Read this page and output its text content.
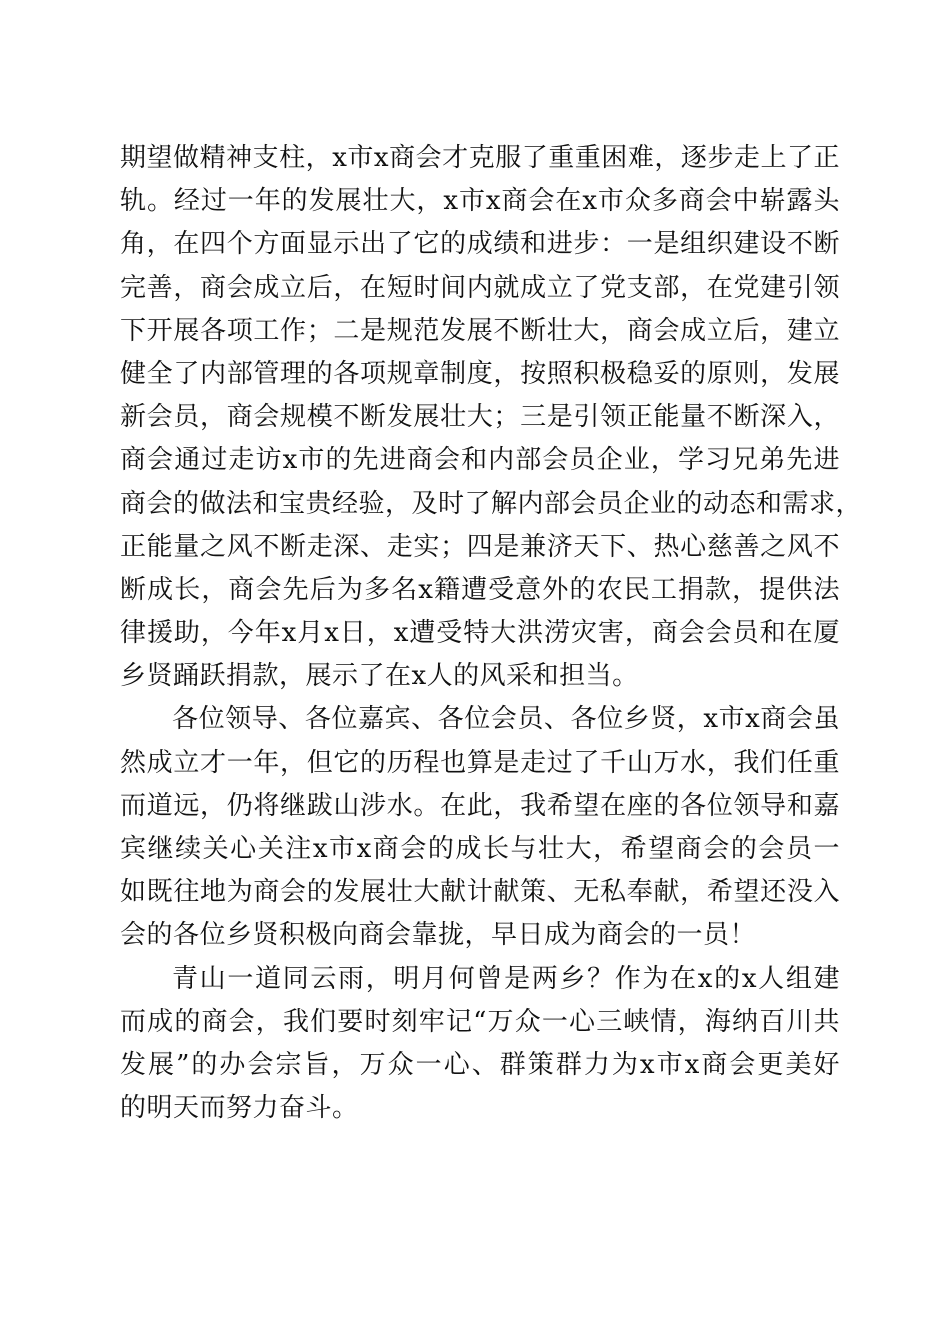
期望做精神支柱，x市x商会才克服了重重困难，逐步走上了正
轨。经过一年的发展壮大，x市x商会在x市众多商会中崭露头
角，在四个方面显示出了它的成绩和进步：一是组织建设不断
完善，商会成立后，在短时间内就成立了党支部，在党建引领
下开展各项工作；二是规范发展不断壮大，商会成立后，建立
健全了内部管理的各项规章制度，按照积极稳妥的原则，发展
新会员，商会规模不断发展壮大；三是引领正能量不断深入，
商会通过走访x市的先进商会和内部会员企业，学习兄弟先进
商会的做法和宝贵经验，及时了解内部会员企业的动态和需求，
正能量之风不断走深、走实；四是兼济天下、热心慈善之风不
断成长，商会先后为多名x籍遭受意外的农民工捐款，提供法
律援助，今年x月x日，x遭受特大洪涝灾害，商会会员和在厦
乡贤踊跃捐款，展示了在x人的风采和担当。
各位领导、各位嘉宾、各位会员、各位乡贤，x市x商会虽
然成立才一年，但它的历程也算是走过了千山万水，我们任重
而道远，仍将继跋山涉水。在此，我希望在座的各位领导和嘉
宾继续关心关注x市x商会的成长与壮大，希望商会的会员一
如既往地为商会的发展壮大献计献策、无私奉献，希望还没入
会的各位乡贤积极向商会靠拢，早日成为商会的一员！
青山一道同云雨，明月何曾是两乡？作为在x的x人组建
而成的商会，我们要时刻牢记“万众一心三峡情，海纳百川共
发展”的办会宗旨，万众一心、群策群力为x市x商会更美好
的明天而努力奋斗。
